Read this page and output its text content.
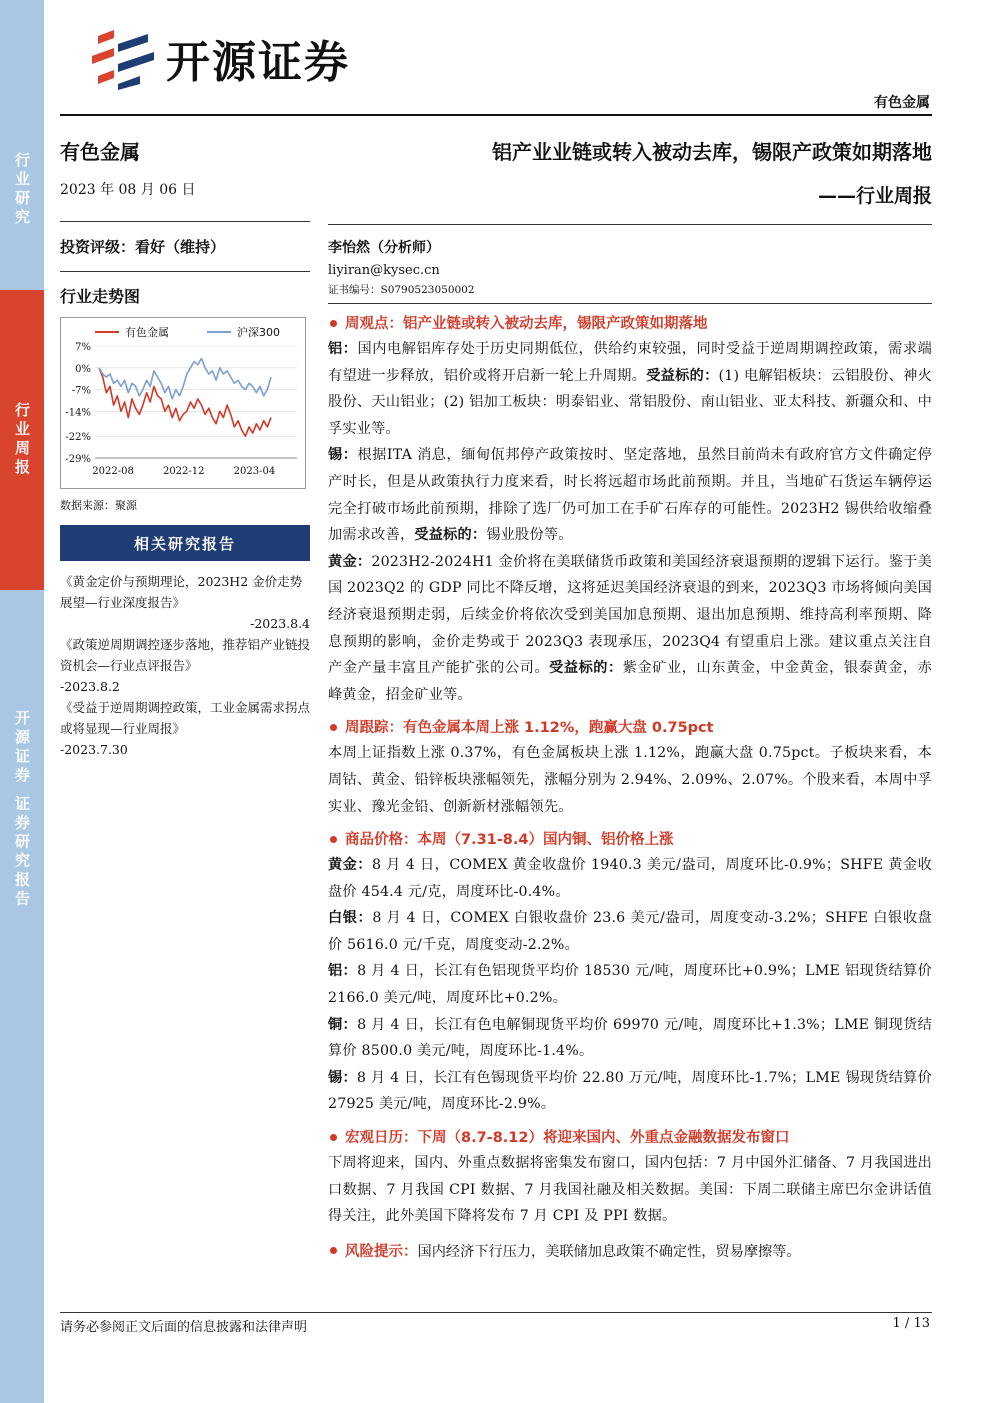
行业研究
行业周报
开源证券 证券研究报告
开源证券
有色金属
有色金属
2023 年 08 月 06 日
投资评级：看好（维持）
行业走势图
有色金属	沪深300
7%
0%
-7%
-14%
-22%
-29%
2022-08	2022-12	2023-04
数据来源：聚源
相关研究报告
《黄金定价与预期理论，2023H2 金价走势展望—行业深度报告》
-2023.8.4
《政策逆周期调控逐步落地，推荐铝产业链投资机会—行业点评报告》
-2023.8.2
《受益于逆周期调控政策，工业金属需求拐点或将显现—行业周报》
-2023.7.30
铝产业业链或转入被动去库，锡限产政策如期落地
——行业周报
李怡然（分析师）
liyiran@kysec.cn
证书编号：S0790523050002
周观点：铝产业链或转入被动去库，锡限产政策如期落地
铝：国内电解铝库存处于历史同期低位，供给约束较强，同时受益于逆周期调控政策，需求端有望进一步释放，铝价或将开启新一轮上升周期。受益标的：(1) 电解铝板块：云铝股份、神火股份、天山铝业；(2) 铝加工板块：明泰铝业、常铝股份、南山铝业、亚太科技、新疆众和、中孚实业等。
锡：根据ITA 消息，缅甸佤邦停产政策按时、坚定落地，虽然目前尚未有政府官方文件确定停产时长，但是从政策执行力度来看，时长将远超市场此前预期。并且，当地矿石货运车辆停运完全打破市场此前预期，排除了选厂仍可加工在手矿石库存的可能性。2023H2 锡供给收缩叠加需求改善，受益标的：锡业股份等。
黄金：2023H2-2024H1 金价将在美联储货币政策和美国经济衰退预期的逻辑下运行。鉴于美国 2023Q2 的 GDP 同比不降反增，这将延迟美国经济衰退的到来，2023Q3 市场将倾向美国经济衰退预期走弱，后续金价将依次受到美国加息预期、退出加息预期、维持高利率预期、降息预期的影响，金价走势或于 2023Q3 表现承压，2023Q4 有望重启上涨。建议重点关注自产金产量丰富且产能扩张的公司。受益标的：紫金矿业，山东黄金，中金黄金，银泰黄金，赤峰黄金，招金矿业等。
周跟踪：有色金属本周上涨 1.12%，跑赢大盘 0.75pct
本周上证指数上涨 0.37%，有色金属板块上涨 1.12%，跑赢大盘 0.75pct。子板块来看，本周钴、黄金、铅锌板块涨幅领先，涨幅分别为 2.94%、2.09%、2.07%。个股来看，本周中孚实业、豫光金铅、创新新材涨幅领先。
商品价格：本周（7.31-8.4）国内铜、铝价格上涨
黄金：8 月 4 日，COMEX 黄金收盘价 1940.3 美元/盎司，周度环比-0.9%；SHFE 黄金收盘价 454.4 元/克，周度环比-0.4%。
白银：8 月 4 日，COMEX 白银收盘价 23.6 美元/盎司，周度变动-3.2%；SHFE 白银收盘价 5616.0 元/千克，周度变动-2.2%。
铝：8 月 4 日，长江有色铝现货平均价 18530 元/吨，周度环比+0.9%；LME 铝现货结算价 2166.0 美元/吨，周度环比+0.2%。
铜：8 月 4 日，长江有色电解铜现货平均价 69970 元/吨，周度环比+1.3%；LME 铜现货结算价 8500.0 美元/吨，周度环比-1.4%。
锡：8 月 4 日，长江有色锡现货平均价 22.80 万元/吨，周度环比-1.7%；LME 锡现货结算价 27925 美元/吨，周度环比-2.9%。
宏观日历：下周（8.7-8.12）将迎来国内、外重点金融数据发布窗口
下周将迎来，国内、外重点数据将密集发布窗口，国内包括：7 月中国外汇储备、7 月我国进出口数据、7 月我国 CPI 数据、7 月我国社融及相关数据。美国：下周二联储主席巴尔金讲话值得关注，此外美国下降将发布 7 月 CPI 及 PPI 数据。
风险提示：国内经济下行压力，美联储加息政策不确定性，贸易摩擦等。
请务必参阅正文后面的信息披露和法律声明	1 / 13
